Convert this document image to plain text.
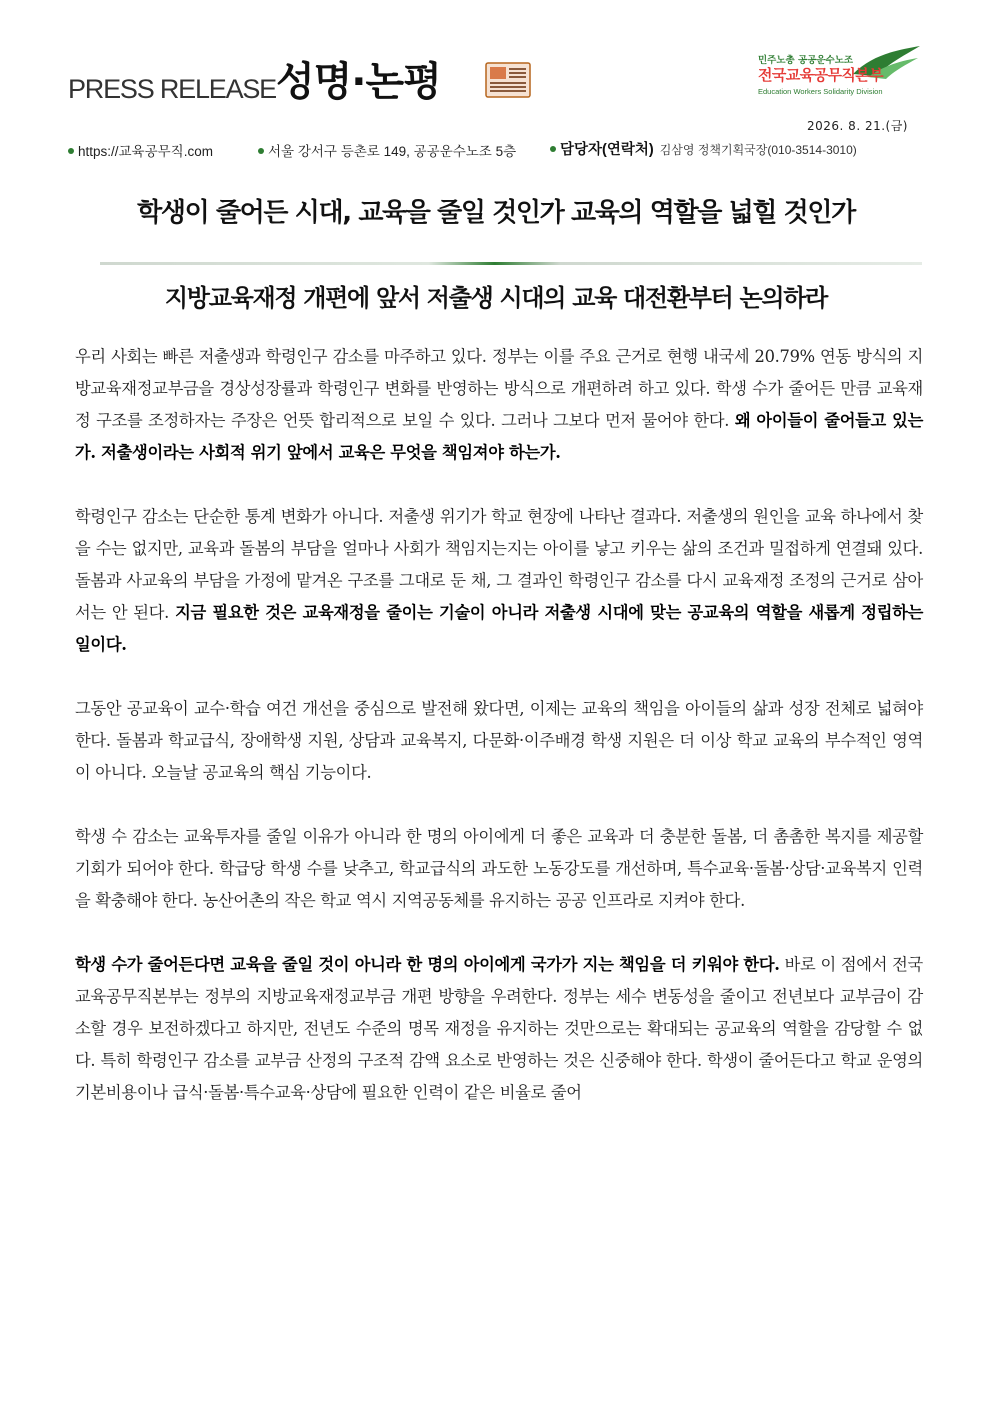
PRESS RELEASE 성명·논평	민주노총 공공운수노조
전국교육공무직본부
Education Workers Solidarity Division
2026. 8. 21.(금)
https://교육공무직.com	서울 강서구 등촌로 149, 공공운수노조 5층	담당자(연락처) 김삼영 정책기획국장(010-3514-3010)
학생이 줄어든 시대, 교육을 줄일 것인가 교육의 역할을 넓힐 것인가
지방교육재정 개편에 앞서 저출생 시대의 교육 대전환부터 논의하라

우리 사회는 빠른 저출생과 학령인구 감소를 마주하고 있다. 정부는 이를 주요 근거로 현행 내국세 20.79% 연동 방식의 지방교육재정교부금을 경상성장률과 학령인구 변화를 반영하는 방식으로 개편하려 하고 있다. 학생 수가 줄어든 만큼 교육재정 구조를 조정하자는 주장은 언뜻 합리적으로 보일 수 있다. 그러나 그보다 먼저 물어야 한다. 왜 아이들이 줄어들고 있는가. 저출생이라는 사회적 위기 앞에서 교육은 무엇을 책임져야 하는가.

학령인구 감소는 단순한 통계 변화가 아니다. 저출생 위기가 학교 현장에 나타난 결과다. 저출생의 원인을 교육 하나에서 찾을 수는 없지만, 교육과 돌봄의 부담을 얼마나 사회가 책임지는지는 아이를 낳고 키우는 삶의 조건과 밀접하게 연결돼 있다. 돌봄과 사교육의 부담을 가정에 맡겨온 구조를 그대로 둔 채, 그 결과인 학령인구 감소를 다시 교육재정 조정의 근거로 삼아서는 안 된다. 지금 필요한 것은 교육재정을 줄이는 기술이 아니라 저출생 시대에 맞는 공교육의 역할을 새롭게 정립하는 일이다.

그동안 공교육이 교수·학습 여건 개선을 중심으로 발전해 왔다면, 이제는 교육의 책임을 아이들의 삶과 성장 전체로 넓혀야 한다. 돌봄과 학교급식, 장애학생 지원, 상담과 교육복지, 다문화·이주배경 학생 지원은 더 이상 학교 교육의 부수적인 영역이 아니다. 오늘날 공교육의 핵심 기능이다.

학생 수 감소는 교육투자를 줄일 이유가 아니라 한 명의 아이에게 더 좋은 교육과 더 충분한 돌봄, 더 촘촘한 복지를 제공할 기회가 되어야 한다. 학급당 학생 수를 낮추고, 학교급식의 과도한 노동강도를 개선하며, 특수교육·돌봄·상담·교육복지 인력을 확충해야 한다. 농산어촌의 작은 학교 역시 지역공동체를 유지하는 공공 인프라로 지켜야 한다.

학생 수가 줄어든다면 교육을 줄일 것이 아니라 한 명의 아이에게 국가가 지는 책임을 더 키워야 한다. 바로 이 점에서 전국교육공무직본부는 정부의 지방교육재정교부금 개편 방향을 우려한다. 정부는 세수 변동성을 줄이고 전년보다 교부금이 감소할 경우 보전하겠다고 하지만, 전년도 수준의 명목 재정을 유지하는 것만으로는 확대되는 공교육의 역할을 감당할 수 없다. 특히 학령인구 감소를 교부금 산정의 구조적 감액 요소로 반영하는 것은 신중해야 한다. 학생이 줄어든다고 학교 운영의 기본비용이나 급식·돌봄·특수교육·상담에 필요한 인력이 같은 비율로 줄어
